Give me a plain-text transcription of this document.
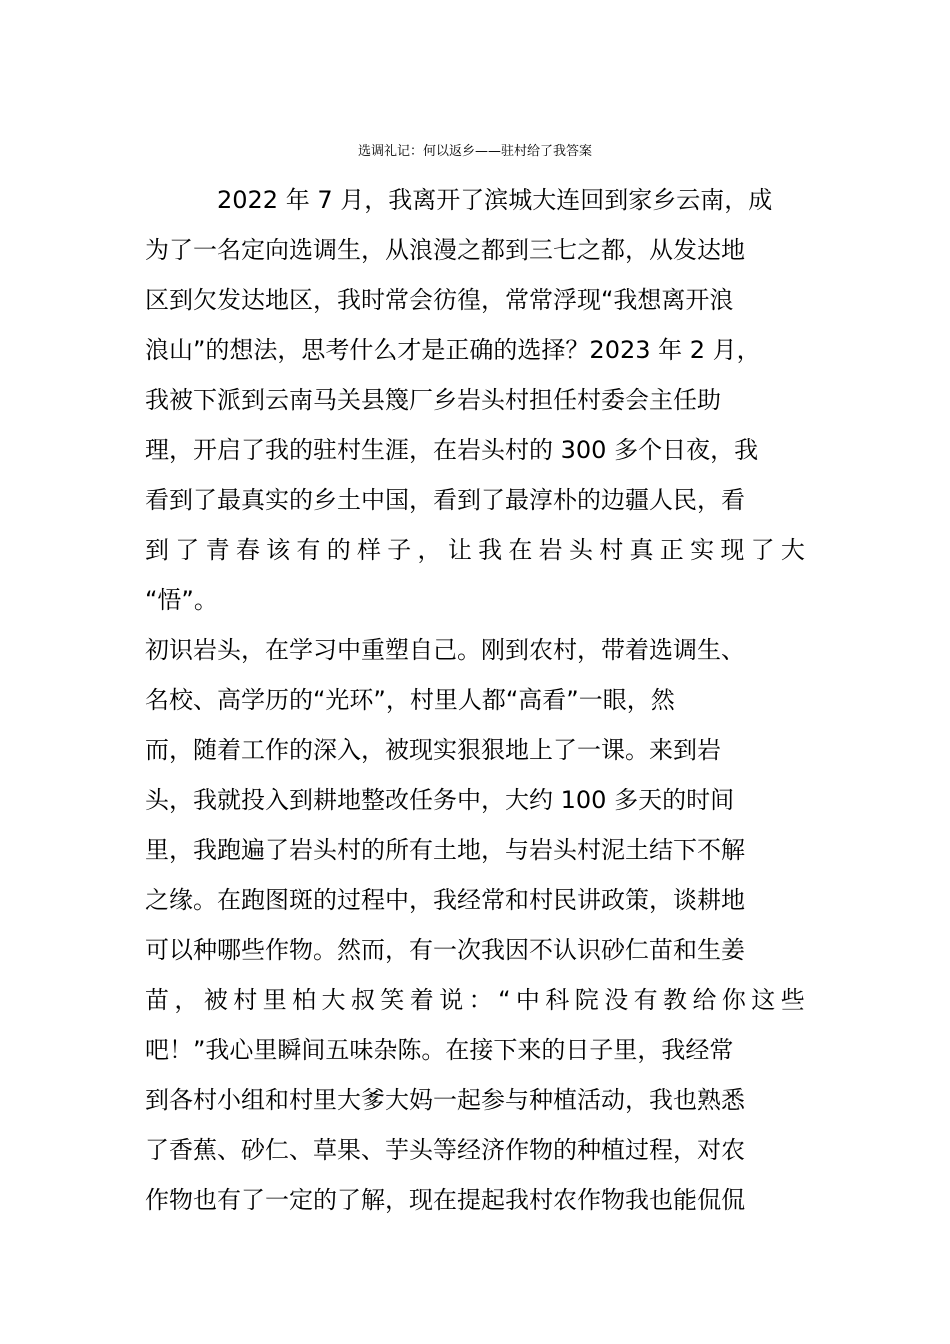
选调礼记：何以返乡——驻村给了我答案
　　　2022 年 7 月，我离开了滨城大连回到家乡云南，成
为了一名定向选调生，从浪漫之都到三七之都，从发达地
区到欠发达地区，我时常会彷徨，常常浮现“我想离开浪
浪山”的想法，思考什么才是正确的选择？2023 年 2 月，
我被下派到云南马关县篾厂乡岩头村担任村委会主任助
理，开启了我的驻村生涯，在岩头村的 300 多个日夜，我
看到了最真实的乡土中国，看到了最淳朴的边疆人民，看
到 了 青 春 该 有 的 样 子 ， 让 我 在 岩 头 村 真 正 实 现 了 大
“悟”。
初识岩头，在学习中重塑自己。刚到农村，带着选调生、
名校、高学历的“光环”，村里人都“高看”一眼，然
而，随着工作的深入，被现实狠狠地上了一课。来到岩
头，我就投入到耕地整改任务中，大约 100 多天的时间
里，我跑遍了岩头村的所有土地，与岩头村泥土结下不解
之缘。在跑图斑的过程中，我经常和村民讲政策，谈耕地
可以种哪些作物。然而，有一次我因不认识砂仁苗和生姜
苗 ， 被 村 里 柏 大 叔 笑 着 说 ： “ 中 科 院 没 有 教 给 你 这 些
吧！”我心里瞬间五味杂陈。在接下来的日子里，我经常
到各村小组和村里大爹大妈一起参与种植活动，我也熟悉
了香蕉、砂仁、草果、芋头等经济作物的种植过程，对农
作物也有了一定的了解，现在提起我村农作物我也能侃侃
